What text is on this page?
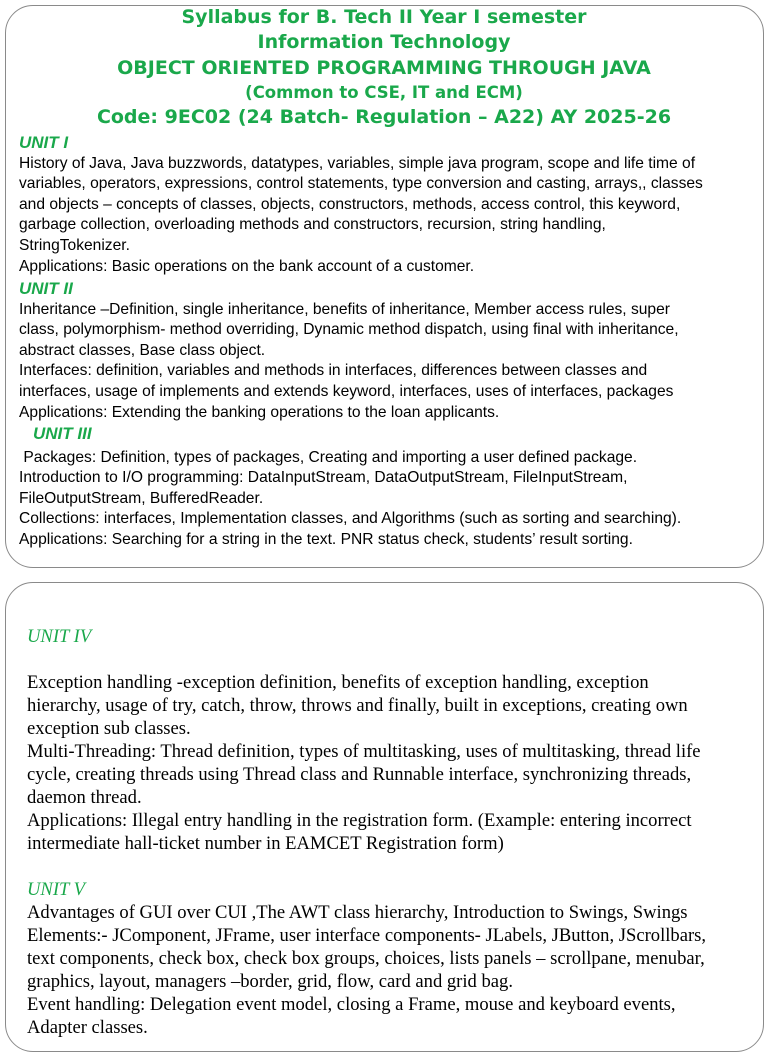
Syllabus for B. Tech II Year I semester
Information Technology
OBJECT ORIENTED PROGRAMMING THROUGH JAVA
(Common to CSE, IT and ECM)
Code: 9EC02 (24 Batch- Regulation – A22) AY 2025-26
UNIT I
History of Java, Java buzzwords, datatypes, variables, simple java program, scope and life time of
variables, operators, expressions, control statements, type conversion and casting, arrays,, classes
and objects – concepts of classes, objects, constructors, methods, access control, this keyword,
garbage collection, overloading methods and constructors, recursion, string handling,
StringTokenizer.
Applications: Basic operations on the bank account of a customer.
UNIT II
Inheritance –Definition, single inheritance, benefits of inheritance, Member access rules, super
class, polymorphism- method overriding, Dynamic method dispatch, using final with inheritance,
abstract classes, Base class object.
Interfaces: definition, variables and methods in interfaces, differences between classes and
interfaces, usage of implements and extends keyword, interfaces, uses of interfaces, packages
Applications: Extending the banking operations to the loan applicants.
UNIT III
Packages: Definition, types of packages, Creating and importing a user defined package.
Introduction to I/O programming: DataInputStream, DataOutputStream, FileInputStream,
FileOutputStream, BufferedReader.
Collections: interfaces, Implementation classes, and Algorithms (such as sorting and searching).
Applications: Searching for a string in the text. PNR status check, students’ result sorting.
UNIT IV
Exception handling -exception definition, benefits of exception handling, exception
hierarchy, usage of try, catch, throw, throws and finally, built in exceptions, creating own
exception sub classes.
Multi-Threading: Thread definition, types of multitasking, uses of multitasking, thread life
cycle, creating threads using Thread class and Runnable interface, synchronizing threads,
daemon thread.
Applications: Illegal entry handling in the registration form. (Example: entering incorrect
intermediate hall-ticket number in EAMCET Registration form)
UNIT V
Advantages of GUI over CUI ,The AWT class hierarchy, Introduction to Swings, Swings
Elements:- JComponent, JFrame, user interface components- JLabels, JButton, JScrollbars,
text components, check box, check box groups, choices, lists panels – scrollpane, menubar,
graphics, layout, managers –border, grid, flow, card and grid bag.
Event handling: Delegation event model, closing a Frame, mouse and keyboard events,
Adapter classes.
